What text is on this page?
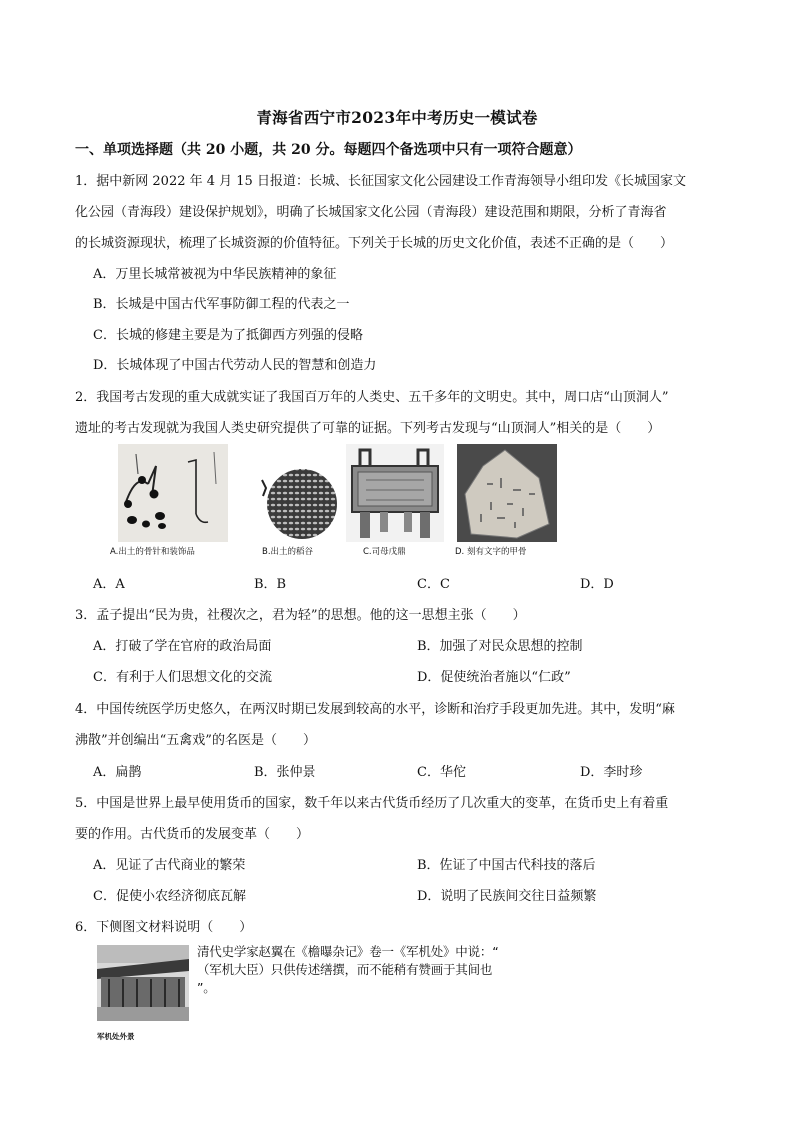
青海省西宁市2023年中考历史一模试卷
一、单项选择题（共 20 小题，共 20 分。每题四个备选项中只有一项符合题意）
1．据中新网 2022 年 4 月 15 日报道：长城、长征国家文化公园建设工作青海领导小组印发《长城国家文
化公园（青海段）建设保护规划》，明确了长城国家文化公园（青海段）建设范围和期限，分析了青海省
的长城资源现状，梳理了长城资源的价值特征。下列关于长城的历史文化价值，表述不正确的是（　　）
A．万里长城常被视为中华民族精神的象征
B．长城是中国古代军事防御工程的代表之一
C．长城的修建主要是为了抵御西方列强的侵略
D．长城体现了中国古代劳动人民的智慧和创造力
2．我国考古发现的重大成就实证了我国百万年的人类史、五千多年的文明史。其中，周口店“山顶洞人”
遗址的考古发现就为我国人类史研究提供了可靠的证据。下列考古发现与“山顶洞人”相关的是（　　）
A.出土的骨针和装饰品	B.出土的稻谷	C.司母戊鼎	D. 刻有文字的甲骨
A．A	B．B	C．C	D．D
3．孟子提出“民为贵，社稷次之，君为轻”的思想。他的这一思想主张（　　）
A．打破了学在官府的政治局面	B．加强了对民众思想的控制
C．有利于人们思想文化的交流	D．促使统治者施以“仁政”
4．中国传统医学历史悠久，在两汉时期已发展到较高的水平，诊断和治疗手段更加先进。其中，发明“麻
沸散”并创编出“五禽戏”的名医是（　　）
A．扁鹊	B．张仲景	C．华佗	D．李时珍
5．中国是世界上最早使用货币的国家，数千年以来古代货币经历了几次重大的变革，在货币史上有着重
要的作用。古代货币的发展变革（　　）
A．见证了古代商业的繁荣	B．佐证了中国古代科技的落后
C．促使小农经济彻底瓦解	D．说明了民族间交往日益频繁
6．下侧图文材料说明（　　）
军机处外景
清代史学家赵翼在《檐曝杂记》卷一《军机处》中说：“
（军机大臣）只供传述缮撰，而不能稍有赞画于其间也
”。
